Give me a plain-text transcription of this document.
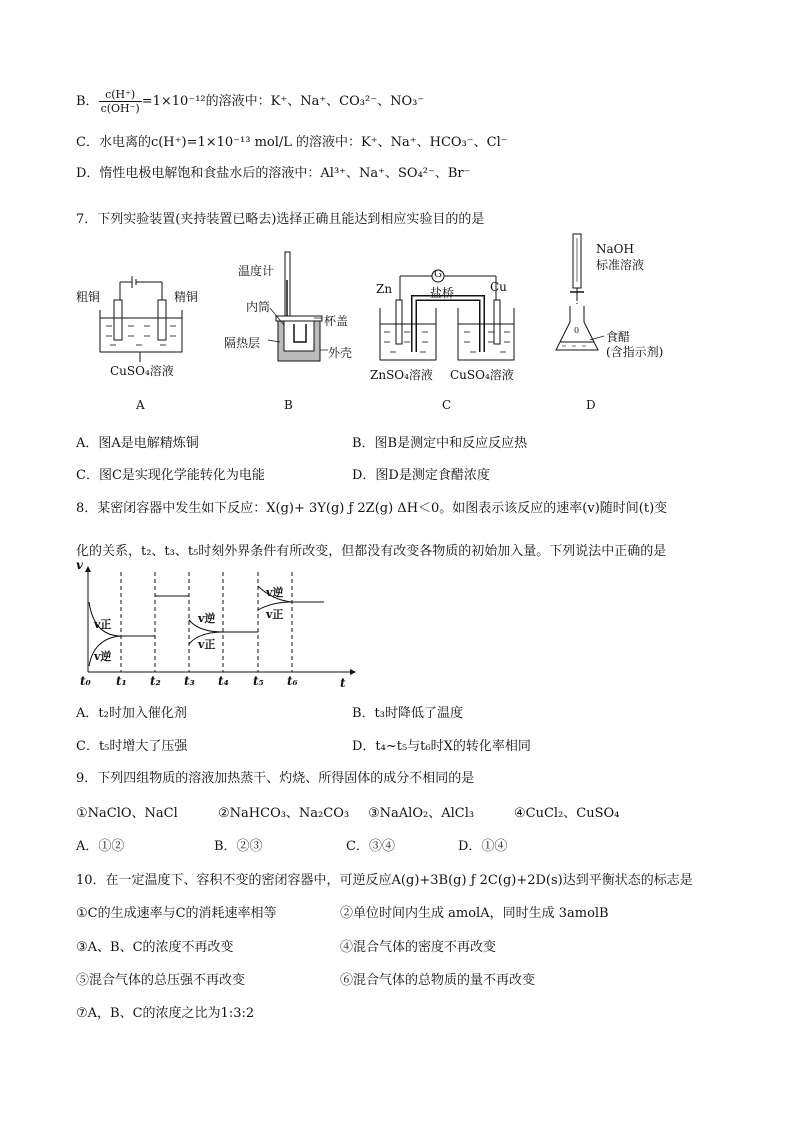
B． $\frac{c(H^+)}{c(OH^-)} =1\times 10^{-12}$的溶液中：K⁺、Na⁺、CO₃²⁻、NO₃⁻
C．水电离的c(H⁺)=1×10⁻¹³ mol/L 的溶液中：K⁺、Na⁺、HCO₃⁻、Cl⁻
D．惰性电极电解饱和食盐水后的溶液中：Al³⁺、Na⁺、SO₄²⁻、Br⁻
7．下列实验装置(夹持装置已略去)选择正确且能达到相应实验目的的是
粗铜	精铜
CuSO₄溶液
A
温度计
内筒
杯盖
隔热层
外壳
B
G
Zn	Cu
盐桥
ZnSO₄溶液 CuSO₄溶液
C
NaOH
标准溶液
0 食醋
(含指示剂)
D
A．图A是电解精炼铜	B．图B是测定中和反应反应热
C．图C是实现化学能转化为电能	D．图D是测定食醋浓度
8．某密闭容器中发生如下反应：X(g)+ 3Y(g) ƒ 2Z(g) ΔH＜0。如图表示该反应的速率(v)随时间(t)变
化的关系，t₂、t₃、t₅时刻外界条件有所改变，但都没有改变各物质的初始加入量。下列说法中正确的是
v
t
t₀ t₁ t₂ t₃ t₄ t₅ t₆
v正
v逆
v逆
v正
v逆
v正
A．t₂时加入催化剂	B．t₃时降低了温度
C．t₅时增大了压强	D．t₄~t₅与t₆时X的转化率相同
9．下列四组物质的溶液加热蒸干、灼烧、所得固体的成分不相同的是
①NaClO、NaCl	②NaHCO₃、Na₂CO₃ ③NaAlO₂、AlCl₃	④CuCl₂、CuSO₄
A．①②	B．②③	C．③④	D．①④
10．在一定温度下、容积不变的密闭容器中，可逆反应A(g)+3B(g) ƒ 2C(g)+2D(s)达到平衡状态的标志是
①C的生成速率与C的消耗速率相等	②单位时间内生成 amolA，同时生成 3amolB
③A、B、C的浓度不再改变	④混合气体的密度不再改变
⑤混合气体的总压强不再改变	⑥混合气体的总物质的量不再改变
⑦A，B、C的浓度之比为1:3:2
